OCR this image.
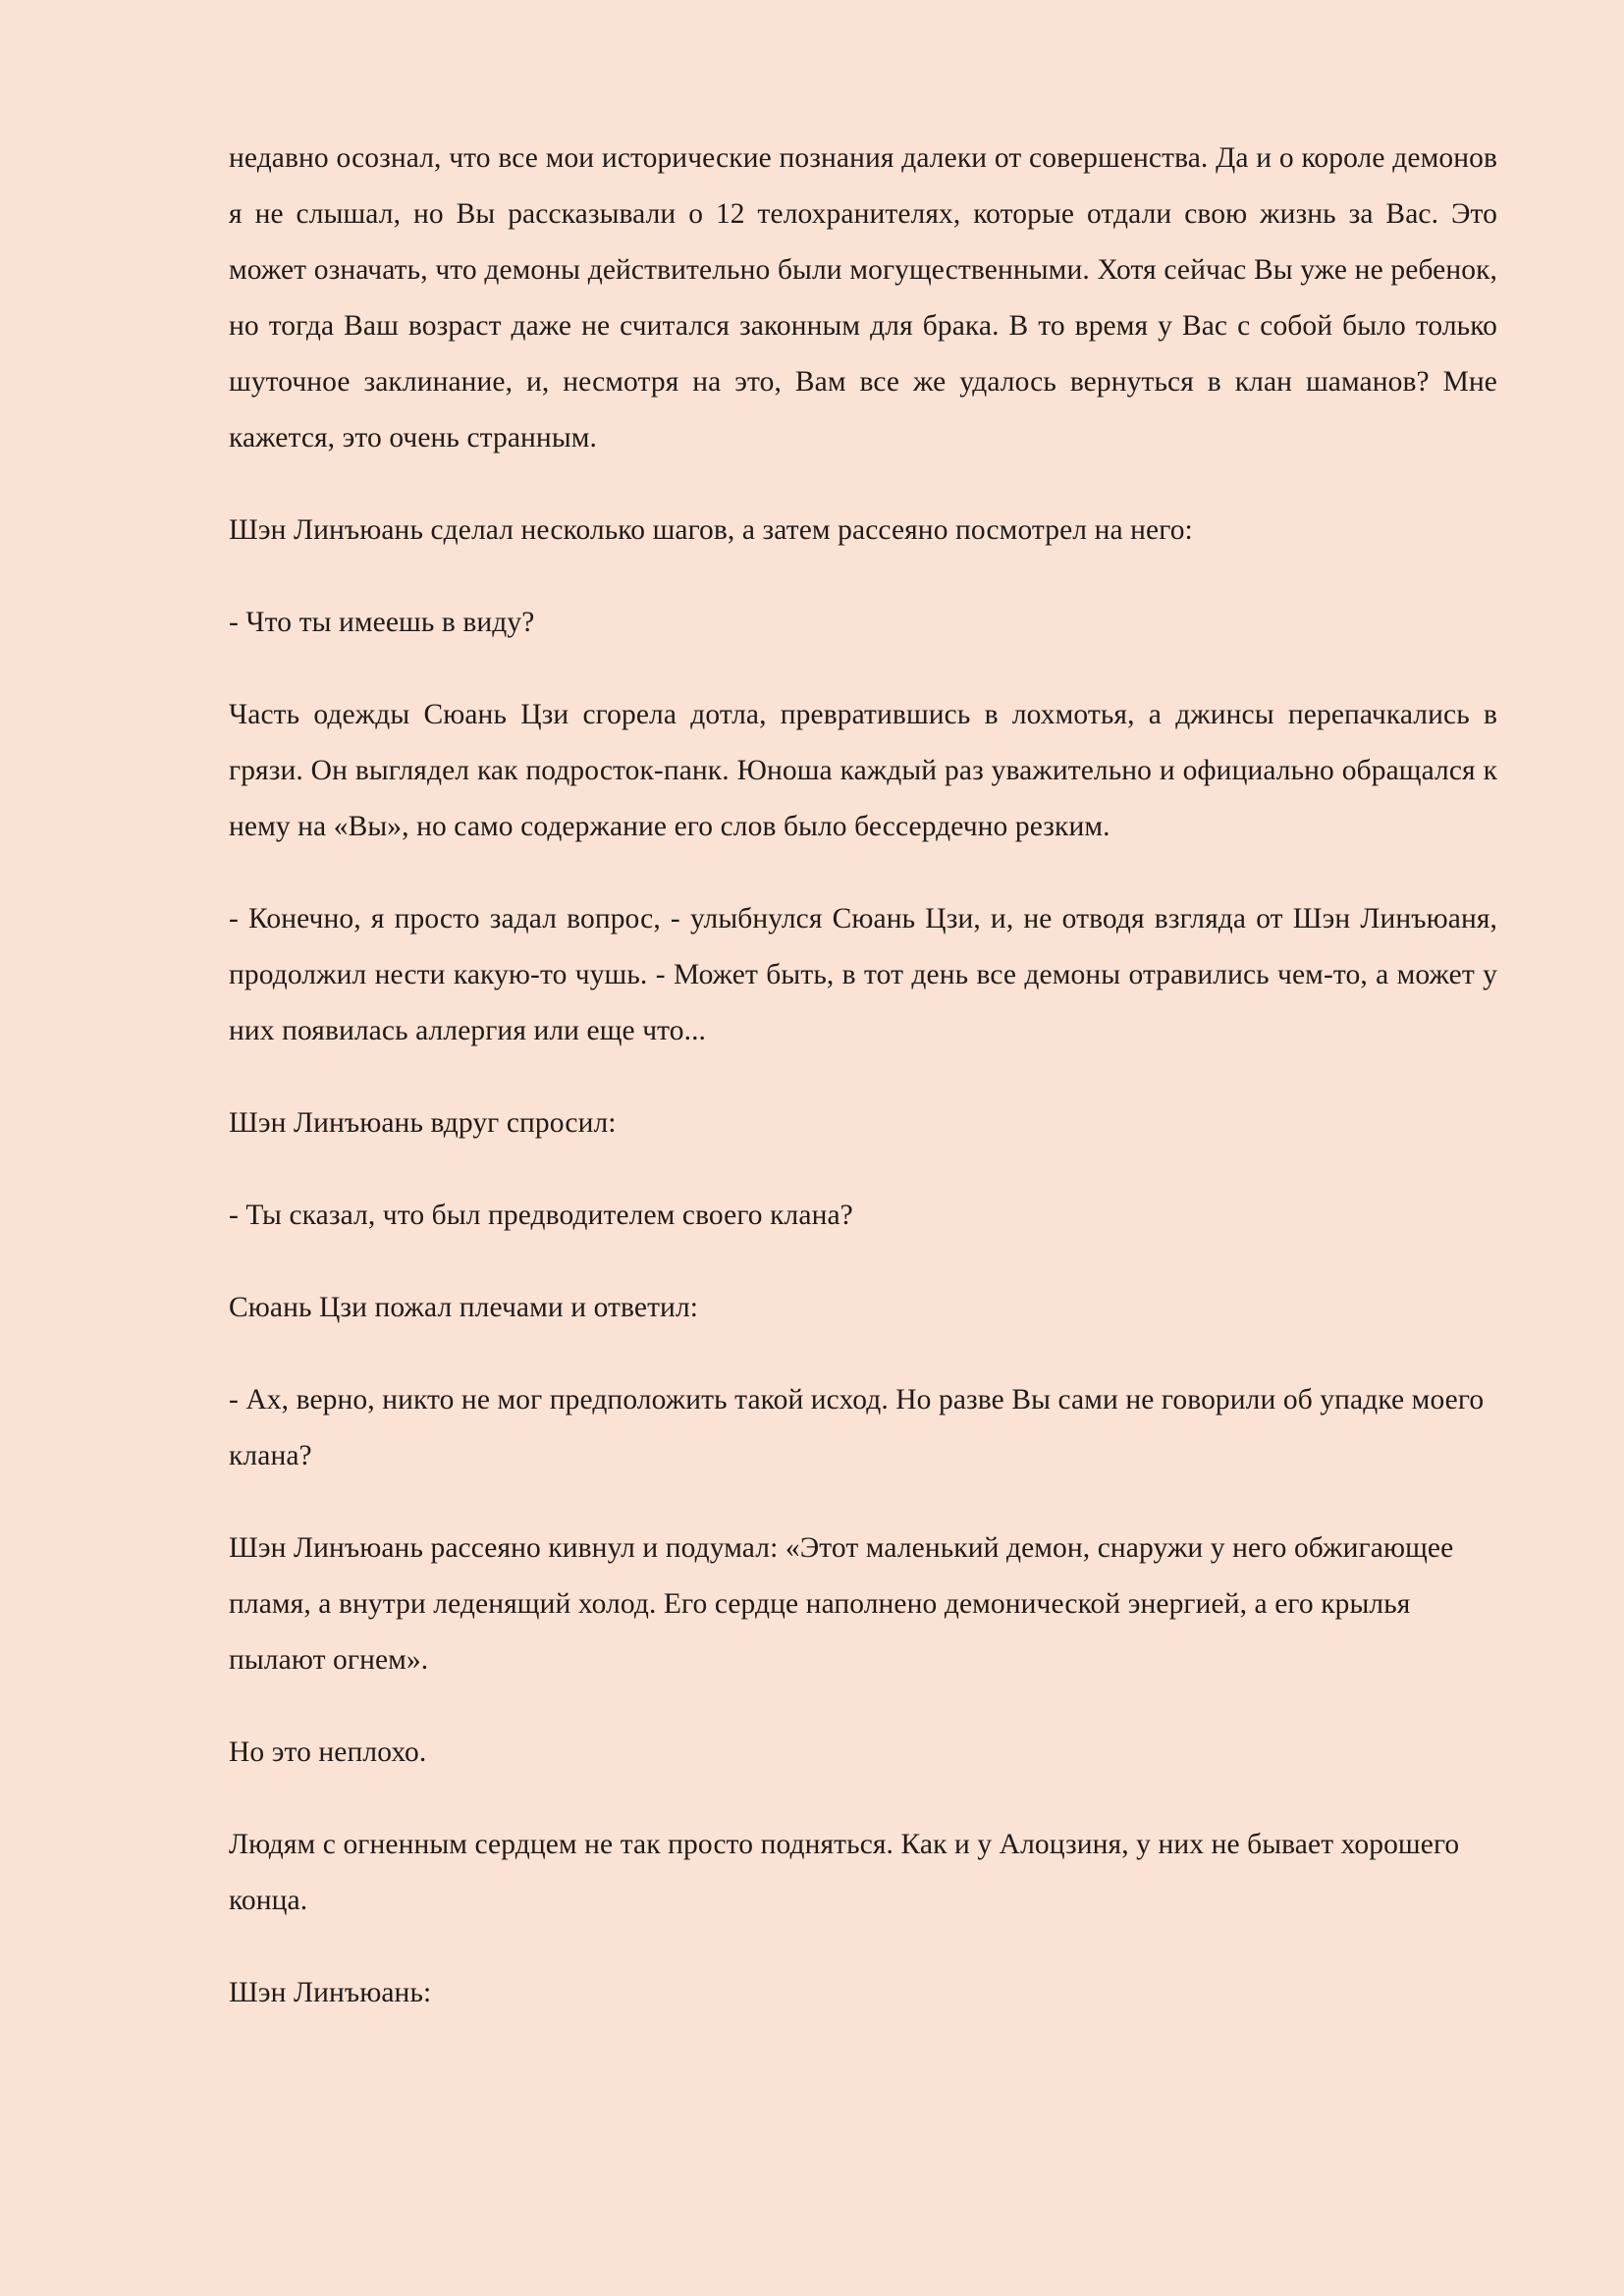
недавно осознал, что все мои исторические познания далеки от совершенства. Да и о короле демонов я не слышал, но Вы рассказывали о 12 телохранителях, которые отдали свою жизнь за Вас. Это может означать, что демоны действительно были могущественными. Хотя сейчас Вы уже не ребенок, но тогда Ваш возраст даже не считался законным для брака. В то время у Вас с собой было только шуточное заклинание, и, несмотря на это, Вам все же удалось вернуться в клан шаманов? Мне кажется, это очень странным.

Шэн Линъюань сделал несколько шагов, а затем рассеяно посмотрел на него:

- Что ты имеешь в виду?

Часть одежды Сюань Цзи сгорела дотла, превратившись в лохмотья, а джинсы перепачкались в грязи. Он выглядел как подросток-панк. Юноша каждый раз уважительно и официально обращался к нему на «Вы», но само содержание его слов было бессердечно резким.

- Конечно, я просто задал вопрос, - улыбнулся Сюань Цзи, и, не отводя взгляда от Шэн Линъюаня, продолжил нести какую-то чушь. - Может быть, в тот день все демоны отравились чем-то, а может у них появилась аллергия или еще что...

Шэн Линъюань вдруг спросил:

- Ты сказал, что был предводителем своего клана?

Сюань Цзи пожал плечами и ответил:

- Ах, верно, никто не мог предположить такой исход. Но разве Вы сами не говорили об упадке моего клана?

Шэн Линъюань рассеяно кивнул и подумал: «Этот маленький демон, снаружи у него обжигающее пламя, а внутри леденящий холод. Его сердце наполнено демонической энергией, а его крылья пылают огнем».

Но это неплохо.

Людям с огненным сердцем не так просто подняться. Как и у Алоцзиня, у них не бывает хорошего конца.

Шэн Линъюань:
